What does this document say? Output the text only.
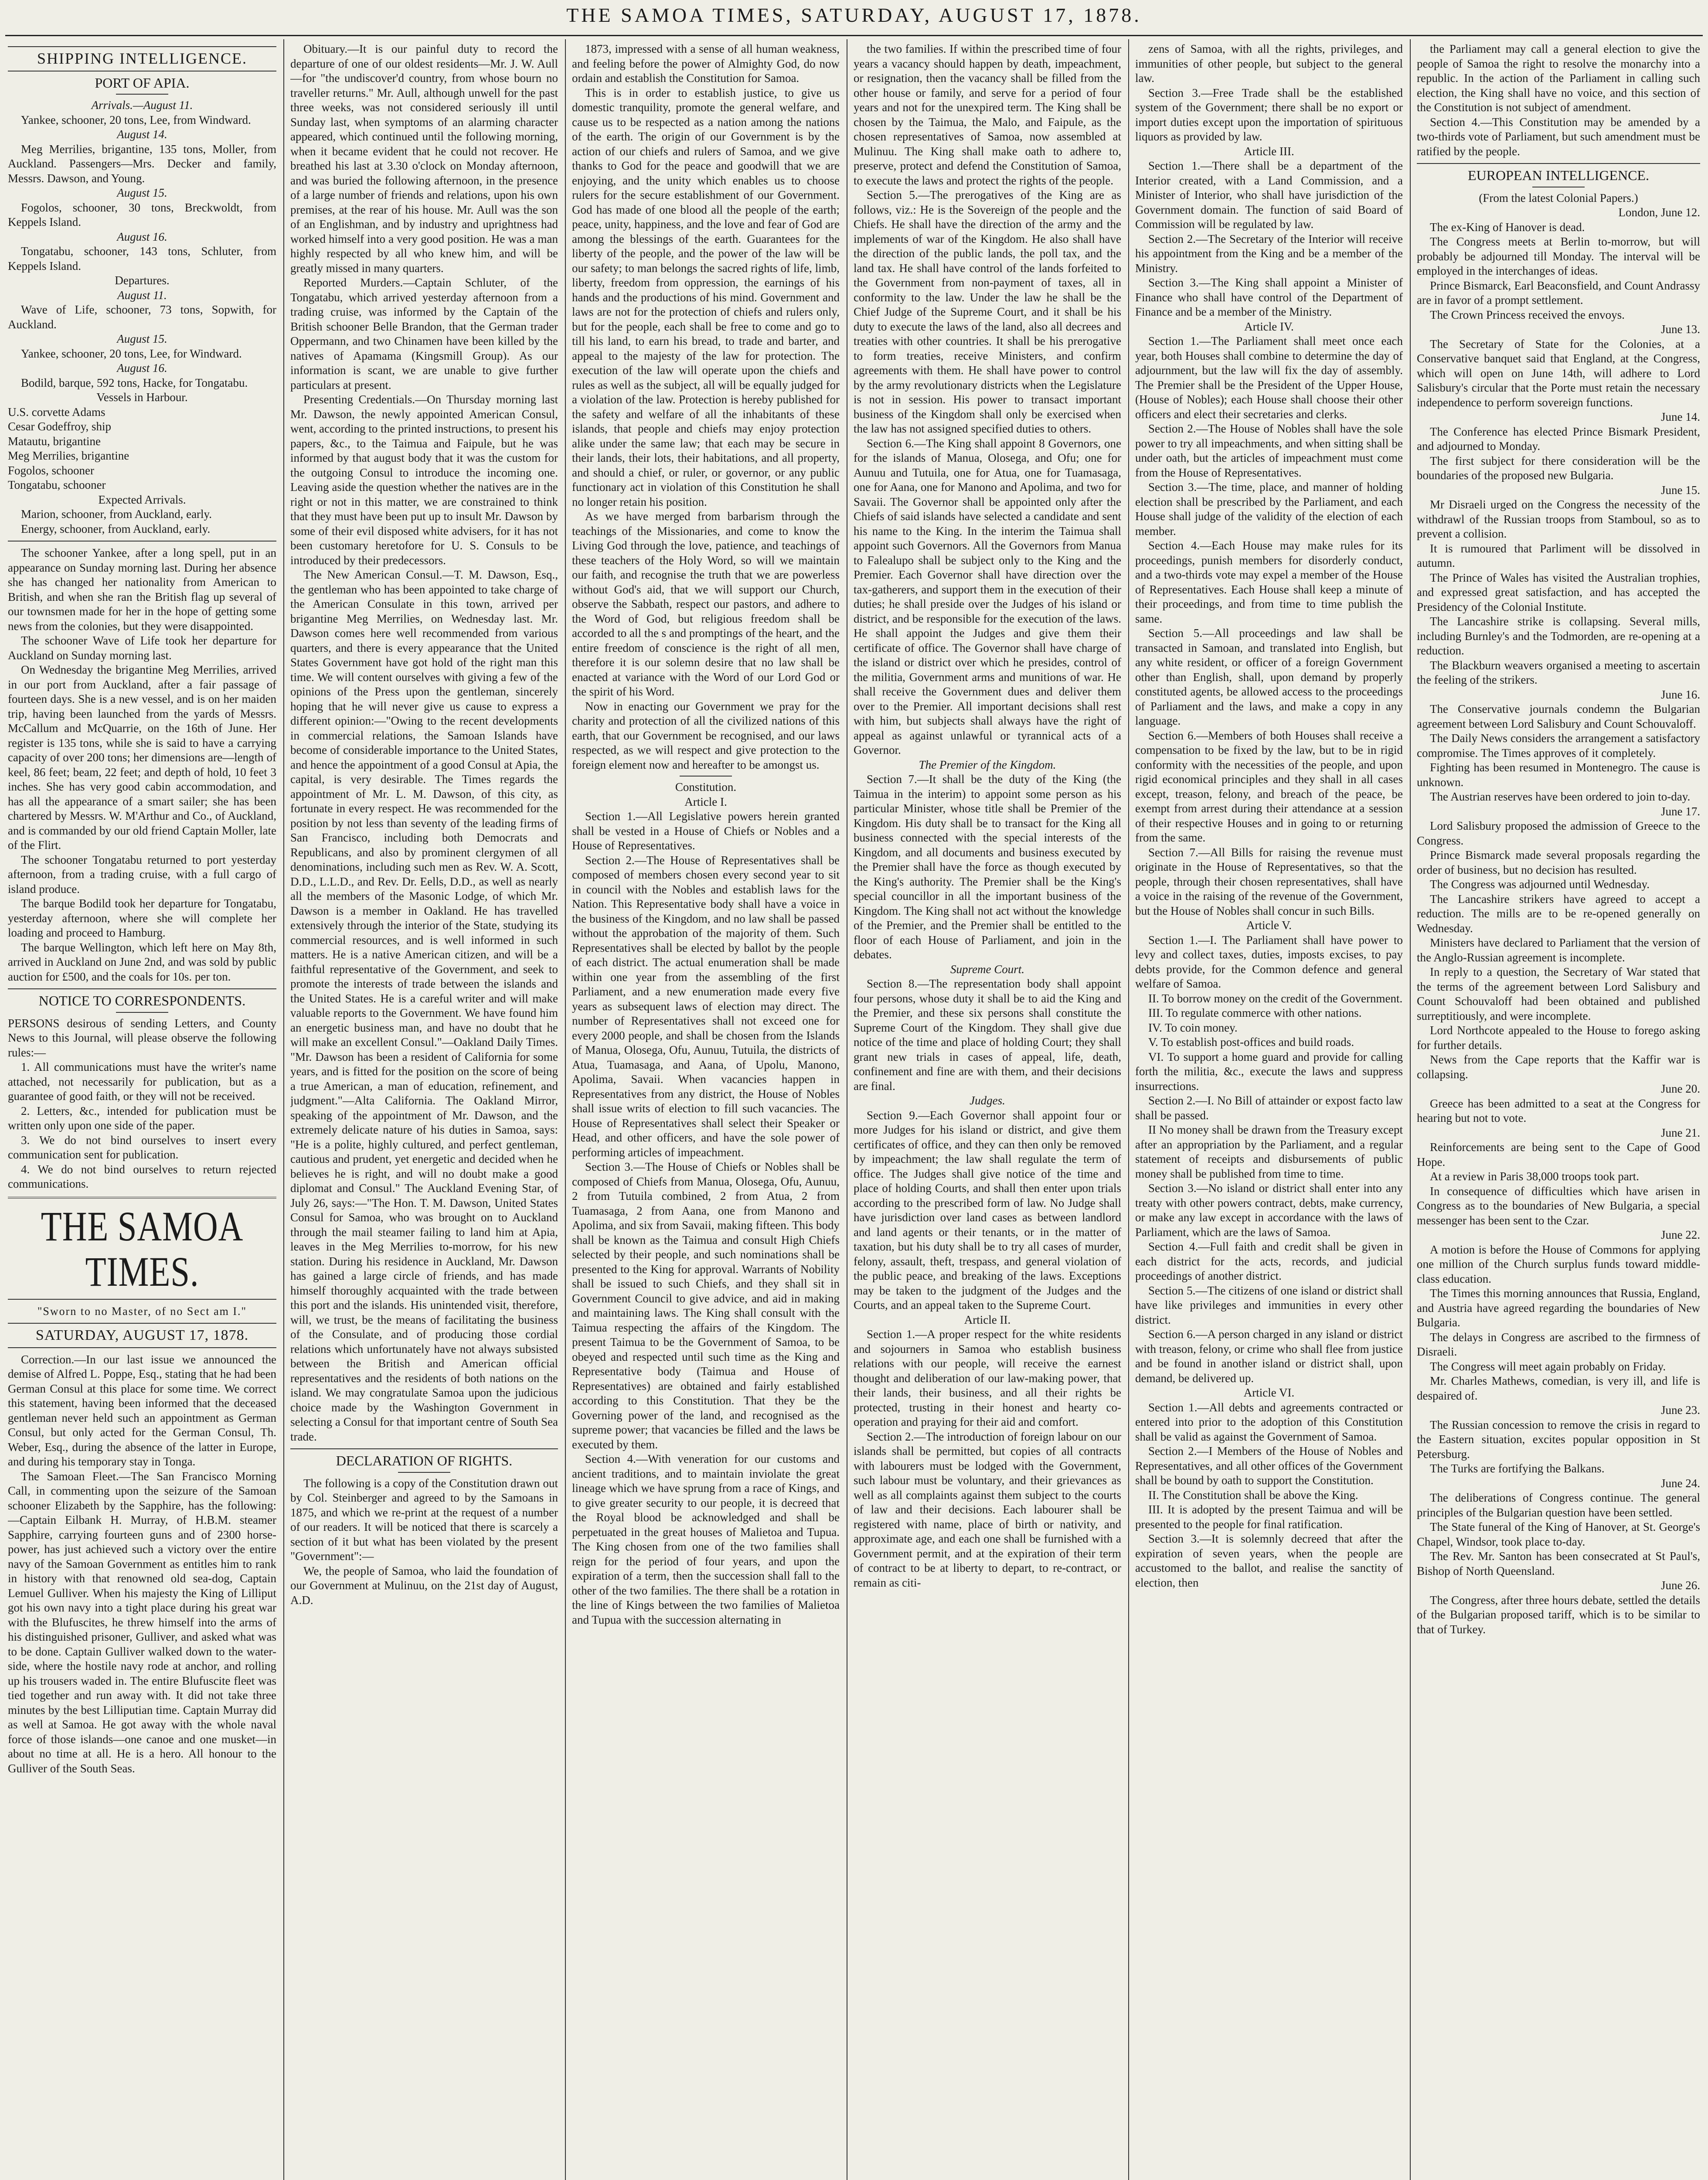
THE SAMOA TIMES, SATURDAY, AUGUST 17, 1878.
SHIPPING INTELLIGENCE.
PORT OF APIA.

Arrivals.—August 11.

Yankee, schooner, 20 tons, Lee, from Windward.

August 14.

Meg Merrilies, brigantine, 135 tons, Moller, from Auckland. Passengers—Mrs. Decker and family, Messrs. Dawson, and Young.

August 15.

Fogolos, schooner, 30 tons, Breckwoldt, from Keppels Island.

August 16.

Tongatabu, schooner, 143 tons, Schluter, from Keppels Island.

Departures.

August 11.

Wave of Life, schooner, 73 tons, Sopwith, for Auckland.

August 15.

Yankee, schooner, 20 tons, Lee, for Windward.

August 16.

Bodild, barque, 592 tons, Hacke, for Tongatabu.

Vessels in Harbour.

U.S. corvette Adams

Cesar Godeffroy, ship

Matautu, brigantine

Meg Merrilies, brigantine

Fogolos, schooner

Tongatabu, schooner

Expected Arrivals.

Marion, schooner, from Auckland, early.

Energy, schooner, from Auckland, early.

The schooner Yankee, after a long spell, put in an appearance on Sunday morning last. During her absence she has changed her nationality from American to British, and when she ran the British flag up several of our townsmen made for her in the hope of getting some news from the colonies, but they were disappointed.

The schooner Wave of Life took her departure for Auckland on Sunday morning last.

On Wednesday the brigantine Meg Merrilies, arrived in our port from Auckland, after a fair passage of fourteen days. She is a new vessel, and is on her maiden trip, having been launched from the yards of Messrs. McCallum and McQuarrie, on the 16th of June. Her register is 135 tons, while she is said to have a carrying capacity of over 200 tons; her dimensions are—length of keel, 86 feet; beam, 22 feet; and depth of hold, 10 feet 3 inches. She has very good cabin accommodation, and has all the appearance of a smart sailer; she has been chartered by Messrs. W. M'Arthur and Co., of Auckland, and is commanded by our old friend Captain Moller, late of the Flirt.

The schooner Tongatabu returned to port yesterday afternoon, from a trading cruise, with a full cargo of island produce.

The barque Bodild took her departure for Tongatabu, yesterday afternoon, where she will complete her loading and proceed to Hamburg.

The barque Wellington, which left here on May 8th, arrived in Auckland on June 2nd, and was sold by public auction for £500, and the coals for 10s. per ton.

NOTICE TO CORRESPONDENTS.

PERSONS desirous of sending Letters, and County News to this Journal, will please observe the following rules:—

1. All communications must have the writer's name attached, not necessarily for publication, but as a guarantee of good faith, or they will not be received.

2. Letters, &c., intended for publication must be written only upon one side of the paper.

3. We do not bind ourselves to insert every communication sent for publication.

4. We do not bind ourselves to return rejected communications.

THE SAMOA TIMES.
"Sworn to no Master, of no Sect am I."
SATURDAY, AUGUST 17, 1878.

Correction.—In our last issue we announced the demise of Alfred L. Poppe, Esq., stating that he had been German Consul at this place for some time. We correct this statement, having been informed that the deceased gentleman never held such an appointment as German Consul, but only acted for the German Consul, Th. Weber, Esq., during the absence of the latter in Europe, and during his temporary stay in Tonga.

The Samoan Fleet.—The San Francisco Morning Call, in commenting upon the seizure of the Samoan schooner Elizabeth by the Sapphire, has the following:—Captain Eilbank H. Murray, of H.B.M. steamer Sapphire, carrying fourteen guns and of 2300 horse-power, has just achieved such a victory over the entire navy of the Samoan Government as entitles him to rank in history with that renowned old sea-dog, Captain Lemuel Gulliver. When his majesty the King of Lilliput got his own navy into a tight place during his great war with the Blufuscites, he threw himself into the arms of his distinguished prisoner, Gulliver, and asked what was to be done. Captain Gulliver walked down to the water-side, where the hostile navy rode at anchor, and rolling up his trousers waded in. The entire Blufuscite fleet was tied together and run away with. It did not take three minutes by the best Lilliputian time. Captain Murray did as well at Samoa. He got away with the whole naval force of those islands—one canoe and one musket—in about no time at all. He is a hero. All honour to the Gulliver of the South Seas.

Obituary.—It is our painful duty to record the departure of one of our oldest residents—Mr. J. W. Aull—for "the undiscover'd country, from whose bourn no traveller returns." Mr. Aull, although unwell for the past three weeks, was not considered seriously ill until Sunday last, when symptoms of an alarming character appeared, which continued until the following morning, when it became evident that he could not recover. He breathed his last at 3.30 o'clock on Monday afternoon, and was buried the following afternoon, in the presence of a large number of friends and relations, upon his own premises, at the rear of his house. Mr. Aull was the son of an Englishman, and by industry and uprightness had worked himself into a very good position. He was a man highly respected by all who knew him, and will be greatly missed in many quarters.

Reported Murders.—Captain Schluter, of the Tongatabu, which arrived yesterday afternoon from a trading cruise, was informed by the Captain of the British schooner Belle Brandon, that the German trader Oppermann, and two Chinamen have been killed by the natives of Apamama (Kingsmill Group). As our information is scant, we are unable to give further particulars at present.

Presenting Credentials.—On Thursday morning last Mr. Dawson, the newly appointed American Consul, went, according to the printed instructions, to present his papers, &c., to the Taimua and Faipule, but he was informed by that august body that it was the custom for the outgoing Consul to introduce the incoming one. Leaving aside the question whether the natives are in the right or not in this matter, we are constrained to think that they must have been put up to insult Mr. Dawson by some of their evil disposed white advisers, for it has not been customary heretofore for U. S. Consuls to be introduced by their predecessors.

The New American Consul.—T. M. Dawson, Esq., the gentleman who has been appointed to take charge of the American Consulate in this town, arrived per brigantine Meg Merrilies, on Wednesday last. Mr. Dawson comes here well recommended from various quarters, and there is every appearance that the United States Government have got hold of the right man this time. We will content ourselves with giving a few of the opinions of the Press upon the gentleman, sincerely hoping that he will never give us cause to express a different opinion:—"Owing to the recent developments in commercial relations, the Samoan Islands have become of considerable importance to the United States, and hence the appointment of a good Consul at Apia, the capital, is very desirable. The Times regards the appointment of Mr. L. M. Dawson, of this city, as fortunate in every respect. He was recommended for the position by not less than seventy of the leading firms of San Francisco, including both Democrats and Republicans, and also by prominent clergymen of all denominations, including such men as Rev. W. A. Scott, D.D., L.L.D., and Rev. Dr. Eells, D.D., as well as nearly all the members of the Masonic Lodge, of which Mr. Dawson is a member in Oakland. He has travelled extensively through the interior of the State, studying its commercial resources, and is well informed in such matters. He is a native American citizen, and will be a faithful representative of the Government, and seek to promote the interests of trade between the islands and the United States. He is a careful writer and will make valuable reports to the Government. We have found him an energetic business man, and have no doubt that he will make an excellent Consul."—Oakland Daily Times. "Mr. Dawson has been a resident of California for some years, and is fitted for the position on the score of being a true American, a man of education, refinement, and judgment."—Alta California. The Oakland Mirror, speaking of the appointment of Mr. Dawson, and the extremely delicate nature of his duties in Samoa, says: "He is a polite, highly cultured, and perfect gentleman, cautious and prudent, yet energetic and decided when he believes he is right, and will no doubt make a good diplomat and Consul." The Auckland Evening Star, of July 26, says:—"The Hon. T. M. Dawson, United States Consul for Samoa, who was brought on to Auckland through the mail steamer failing to land him at Apia, leaves in the Meg Merrilies to-morrow, for his new station. During his residence in Auckland, Mr. Dawson has gained a large circle of friends, and has made himself thoroughly acquainted with the trade between this port and the islands. His unintended visit, therefore, will, we trust, be the means of facilitating the business of the Consulate, and of producing those cordial relations which unfortunately have not always subsisted between the British and American official representatives and the residents of both nations on the island. We may congratulate Samoa upon the judicious choice made by the Washington Government in selecting a Consul for that important centre of South Sea trade.

DECLARATION OF RIGHTS.

The following is a copy of the Constitution drawn out by Col. Steinberger and agreed to by the Samoans in 1875, and which we re-print at the request of a number of our readers. It will be noticed that there is scarcely a section of it but what has been violated by the present "Government":—

We, the people of Samoa, who laid the foundation of our Government at Mulinuu, on the 21st day of August, A.D.

1873, impressed with a sense of all human weakness, and feeling before the power of Almighty God, do now ordain and establish the Constitution for Samoa.

This is in order to establish justice, to give us domestic tranquility, promote the general welfare, and cause us to be respected as a nation among the nations of the earth. The origin of our Government is by the action of our chiefs and rulers of Samoa, and we give thanks to God for the peace and goodwill that we are enjoying, and the unity which enables us to choose rulers for the secure establishment of our Government. God has made of one blood all the people of the earth; peace, unity, happiness, and the love and fear of God are among the blessings of the earth. Guarantees for the liberty of the people, and the power of the law will be our safety; to man belongs the sacred rights of life, limb, liberty, freedom from oppression, the earnings of his hands and the productions of his mind. Government and laws are not for the protection of chiefs and rulers only, but for the people, each shall be free to come and go to till his land, to earn his bread, to trade and barter, and appeal to the majesty of the law for protection. The execution of the law will operate upon the chiefs and rules as well as the subject, all will be equally judged for a violation of the law. Protection is hereby published for the safety and welfare of all the inhabitants of these islands, that people and chiefs may enjoy protection alike under the same law; that each may be secure in their lands, their lots, their habitations, and all property, and should a chief, or ruler, or governor, or any public functionary act in violation of this Constitution he shall no longer retain his position.

As we have merged from barbarism through the teachings of the Missionaries, and come to know the Living God through the love, patience, and teachings of these teachers of the Holy Word, so will we maintain our faith, and recognise the truth that we are powerless without God's aid, that we will support our Church, observe the Sabbath, respect our pastors, and adhere to the Word of God, but religious freedom shall be accorded to all the s and promptings of the heart, and the entire freedom of conscience is the right of all men, therefore it is our solemn desire that no law shall be enacted at variance with the Word of our Lord God or the spirit of his Word.

Now in enacting our Government we pray for the charity and protection of all the civilized nations of this earth, that our Government be recognised, and our laws respected, as we will respect and give protection to the foreign element now and hereafter to be amongst us.

Constitution.

Article I.

Section 1.—All Legislative powers herein granted shall be vested in a House of Chiefs or Nobles and a House of Representatives.

Section 2.—The House of Representatives shall be composed of members chosen every second year to sit in council with the Nobles and establish laws for the Nation. This Representative body shall have a voice in the business of the Kingdom, and no law shall be passed without the approbation of the majority of them. Such Representatives shall be elected by ballot by the people of each district. The actual enumeration shall be made within one year from the assembling of the first Parliament, and a new enumeration made every five years as subsequent laws of election may direct. The number of Representatives shall not exceed one for every 2000 people, and shall be chosen from the Islands of Manua, Olosega, Ofu, Aunuu, Tutuila, the districts of Atua, Tuamasaga, and Aana, of Upolu, Manono, Apolima, Savaii. When vacancies happen in Representatives from any district, the House of Nobles shall issue writs of election to fill such vacancies. The House of Representatives shall select their Speaker or Head, and other officers, and have the sole power of performing articles of impeachment.

Section 3.—The House of Chiefs or Nobles shall be composed of Chiefs from Manua, Olosega, Ofu, Aunuu, 2 from Tutuila combined, 2 from Atua, 2 from Tuamasaga, 2 from Aana, one from Manono and Apolima, and six from Savaii, making fifteen. This body shall be known as the Taimua and consult High Chiefs selected by their people, and such nominations shall be presented to the King for approval. Warrants of Nobility shall be issued to such Chiefs, and they shall sit in Government Council to give advice, and aid in making and maintaining laws. The King shall consult with the Taimua respecting the affairs of the Kingdom. The present Taimua to be the Government of Samoa, to be obeyed and respected until such time as the King and Representative body (Taimua and House of Representatives) are obtained and fairly established according to this Constitution. That they be the Governing power of the land, and recognised as the supreme power; that vacancies be filled and the laws be executed by them.

Section 4.—With veneration for our customs and ancient traditions, and to maintain inviolate the great lineage which we have sprung from a race of Kings, and to give greater security to our people, it is decreed that the Royal blood be acknowledged and shall be perpetuated in the great houses of Malietoa and Tupua. The King chosen from one of the two families shall reign for the period of four years, and upon the expiration of a term, then the succession shall fall to the other of the two families. The there shall be a rotation in the line of Kings between the two families of Malietoa and Tupua with the succession alternating in

the two families. If within the prescribed time of four years a vacancy should happen by death, impeachment, or resignation, then the vacancy shall be filled from the other house or family, and serve for a period of four years and not for the unexpired term. The King shall be chosen by the Taimua, the Malo, and Faipule, as the chosen representatives of Samoa, now assembled at Mulinuu. The King shall make oath to adhere to, preserve, protect and defend the Constitution of Samoa, to execute the laws and protect the rights of the people.

Section 5.—The prerogatives of the King are as follows, viz.: He is the Sovereign of the people and the Chiefs. He shall have the direction of the army and the implements of war of the Kingdom. He also shall have the direction of the public lands, the poll tax, and the land tax. He shall have control of the lands forfeited to the Government from non-payment of taxes, all in conformity to the law. Under the law he shall be the Chief Judge of the Supreme Court, and it shall be his duty to execute the laws of the land, also all decrees and treaties with other countries. It shall be his prerogative to form treaties, receive Ministers, and confirm agreements with them. He shall have power to control by the army revolutionary districts when the Legislature is not in session. His power to transact important business of the Kingdom shall only be exercised when the law has not assigned specified duties to others.

Section 6.—The King shall appoint 8 Governors, one for the islands of Manua, Olosega, and Ofu; one for Aunuu and Tutuila, one for Atua, one for Tuamasaga, one for Aana, one for Manono and Apolima, and two for Savaii. The Governor shall be appointed only after the Chiefs of said islands have selected a candidate and sent his name to the King. In the interim the Taimua shall appoint such Governors. All the Governors from Manua to Falealupo shall be subject only to the King and the Premier. Each Governor shall have direction over the tax-gatherers, and support them in the execution of their duties; he shall preside over the Judges of his island or district, and be responsible for the execution of the laws. He shall appoint the Judges and give them their certificate of office. The Governor shall have charge of the island or district over which he presides, control of the militia, Government arms and munitions of war. He shall receive the Government dues and deliver them over to the Premier. All important decisions shall rest with him, but subjects shall always have the right of appeal as against unlawful or tyrannical acts of a Governor.

The Premier of the Kingdom.

Section 7.—It shall be the duty of the King (the Taimua in the interim) to appoint some person as his particular Minister, whose title shall be Premier of the Kingdom. His duty shall be to transact for the King all business connected with the special interests of the Kingdom, and all documents and business executed by the Premier shall have the force as though executed by the King's authority. The Premier shall be the King's special councillor in all the important business of the Kingdom. The King shall not act without the knowledge of the Premier, and the Premier shall be entitled to the floor of each House of Parliament, and join in the debates.

Supreme Court.

Section 8.—The representation body shall appoint four persons, whose duty it shall be to aid the King and the Premier, and these six persons shall constitute the Supreme Court of the Kingdom. They shall give due notice of the time and place of holding Court; they shall grant new trials in cases of appeal, life, death, confinement and fine are with them, and their decisions are final.

Judges.

Section 9.—Each Governor shall appoint four or more Judges for his island or district, and give them certificates of office, and they can then only be removed by impeachment; the law shall regulate the term of office. The Judges shall give notice of the time and place of holding Courts, and shall then enter upon trials according to the prescribed form of law. No Judge shall have jurisdiction over land cases as between landlord and land agents or their tenants, or in the matter of taxation, but his duty shall be to try all cases of murder, felony, assault, theft, trespass, and general violation of the public peace, and breaking of the laws. Exceptions may be taken to the judgment of the Judges and the Courts, and an appeal taken to the Supreme Court.

Article II.

Section 1.—A proper respect for the white residents and sojourners in Samoa who establish business relations with our people, will receive the earnest thought and deliberation of our law-making power, that their lands, their business, and all their rights be protected, trusting in their honest and hearty co-operation and praying for their aid and comfort.

Section 2.—The introduction of foreign labour on our islands shall be permitted, but copies of all contracts with labourers must be lodged with the Government, such labour must be voluntary, and their grievances as well as all complaints against them subject to the courts of law and their decisions. Each labourer shall be registered with name, place of birth or nativity, and approximate age, and each one shall be furnished with a Government permit, and at the expiration of their term of contract to be at liberty to depart, to re-contract, or remain as citi-

zens of Samoa, with all the rights, privileges, and immunities of other people, but subject to the general law.

Section 3.—Free Trade shall be the established system of the Government; there shall be no export or import duties except upon the importation of spirituous liquors as provided by law.

Article III.

Section 1.—There shall be a department of the Interior created, with a Land Commission, and a Minister of Interior, who shall have jurisdiction of the Government domain. The function of said Board of Commission will be regulated by law.

Section 2.—The Secretary of the Interior will receive his appointment from the King and be a member of the Ministry.

Section 3.—The King shall appoint a Minister of Finance who shall have control of the Department of Finance and be a member of the Ministry.

Article IV.

Section 1.—The Parliament shall meet once each year, both Houses shall combine to determine the day of adjournment, but the law will fix the day of assembly. The Premier shall be the President of the Upper House, (House of Nobles); each House shall choose their other officers and elect their secretaries and clerks.

Section 2.—The House of Nobles shall have the sole power to try all impeachments, and when sitting shall be under oath, but the articles of impeachment must come from the House of Representatives.

Section 3.—The time, place, and manner of holding election shall be prescribed by the Parliament, and each House shall judge of the validity of the election of each member.

Section 4.—Each House may make rules for its proceedings, punish members for disorderly conduct, and a two-thirds vote may expel a member of the House of Representatives. Each House shall keep a minute of their proceedings, and from time to time publish the same.

Section 5.—All proceedings and law shall be transacted in Samoan, and translated into English, but any white resident, or officer of a foreign Government other than English, shall, upon demand by properly constituted agents, be allowed access to the proceedings of Parliament and the laws, and make a copy in any language.

Section 6.—Members of both Houses shall receive a compensation to be fixed by the law, but to be in rigid conformity with the necessities of the people, and upon rigid economical principles and they shall in all cases except, treason, felony, and breach of the peace, be exempt from arrest during their attendance at a session of their respective Houses and in going to or returning from the same.

Section 7.—All Bills for raising the revenue must originate in the House of Representatives, so that the people, through their chosen representatives, shall have a voice in the raising of the revenue of the Government, but the House of Nobles shall concur in such Bills.

Article V.

Section 1.—I. The Parliament shall have power to levy and collect taxes, duties, imposts excises, to pay debts provide, for the Common defence and general welfare of Samoa.

II. To borrow money on the credit of the Government.

III. To regulate commerce with other nations.

IV. To coin money.

V. To establish post-offices and build roads.

VI. To support a home guard and provide for calling forth the militia, &c., execute the laws and suppress insurrections.

Section 2.—I. No Bill of attainder or expost facto law shall be passed.

II No money shall be drawn from the Treasury except after an appropriation by the Parliament, and a regular statement of receipts and disbursements of public money shall be published from time to time.

Section 3.—No island or district shall enter into any treaty with other powers contract, debts, make currency, or make any law except in accordance with the laws of Parliament, which are the laws of Samoa.

Section 4.—Full faith and credit shall be given in each district for the acts, records, and judicial proceedings of another district.

Section 5.—The citizens of one island or district shall have like privileges and immunities in every other district.

Section 6.—A person charged in any island or district with treason, felony, or crime who shall flee from justice and be found in another island or district shall, upon demand, be delivered up.

Article VI.

Section 1.—All debts and agreements contracted or entered into prior to the adoption of this Constitution shall be valid as against the Government of Samoa.

Section 2.—I Members of the House of Nobles and Representatives, and all other offices of the Government shall be bound by oath to support the Constitution.

II. The Constitution shall be above the King.

III. It is adopted by the present Taimua and will be presented to the people for final ratification.

Section 3.—It is solemnly decreed that after the expiration of seven years, when the people are accustomed to the ballot, and realise the sanctity of election, then

the Parliament may call a general election to give the people of Samoa the right to resolve the monarchy into a republic. In the action of the Parliament in calling such election, the King shall have no voice, and this section of the Constitution is not subject of amendment.

Section 4.—This Constitution may be amended by a two-thirds vote of Parliament, but such amendment must be ratified by the people.

EUROPEAN INTELLIGENCE.

(From the latest Colonial Papers.)

London, June 12.

The ex-King of Hanover is dead.

The Congress meets at Berlin to-morrow, but will probably be adjourned till Monday. The interval will be employed in the interchanges of ideas.

Prince Bismarck, Earl Beaconsfield, and Count Andrassy are in favor of a prompt settlement.

The Crown Princess received the envoys.

June 13.

The Secretary of State for the Colonies, at a Conservative banquet said that England, at the Congress, which will open on June 14th, will adhere to Lord Salisbury's circular that the Porte must retain the necessary independence to perform sovereign functions.

June 14.

The Conference has elected Prince Bismark President, and adjourned to Monday.

The first subject for there consideration will be the boundaries of the proposed new Bulgaria.

June 15.

Mr Disraeli urged on the Congress the necessity of the withdrawl of the Russian troops from Stamboul, so as to prevent a collision.

It is rumoured that Parliment will be dissolved in autumn.

The Prince of Wales has visited the Australian trophies, and expressed great satisfaction, and has accepted the Presidency of the Colonial Institute.

The Lancashire strike is collapsing. Several mills, including Burnley's and the Todmorden, are re-opening at a reduction.

The Blackburn weavers organised a meeting to ascertain the feeling of the strikers.

June 16.

The Conservative journals condemn the Bulgarian agreement between Lord Salisbury and Count Schouvaloff.

The Daily News considers the arrangement a satisfactory compromise. The Times approves of it completely.

Fighting has been resumed in Montenegro. The cause is unknown.

The Austrian reserves have been ordered to join to-day.

June 17.

Lord Salisbury proposed the admission of Greece to the Congress.

Prince Bismarck made several proposals regarding the order of business, but no decision has resulted.

The Congress was adjourned until Wednesday.

The Lancashire strikers have agreed to accept a reduction. The mills are to be re-opened generally on Wednesday.

Ministers have declared to Parliament that the version of the Anglo-Russian agreement is incomplete.

In reply to a question, the Secretary of War stated that the terms of the agreement between Lord Salisbury and Count Schouvaloff had been obtained and published surreptitiously, and were incomplete.

Lord Northcote appealed to the House to forego asking for further details.

News from the Cape reports that the Kaffir war is collapsing.

June 20.

Greece has been admitted to a seat at the Congress for hearing but not to vote.

June 21.

Reinforcements are being sent to the Cape of Good Hope.

At a review in Paris 38,000 troops took part.

In consequence of difficulties which have arisen in Congress as to the boundaries of New Bulgaria, a special messenger has been sent to the Czar.

June 22.

A motion is before the House of Commons for applying one million of the Church surplus funds toward middle-class education.

The Times this morning announces that Russia, England, and Austria have agreed regarding the boundaries of New Bulgaria.

The delays in Congress are ascribed to the firmness of Disraeli.

The Congress will meet again probably on Friday.

Mr. Charles Mathews, comedian, is very ill, and life is despaired of.

June 23.

The Russian concession to remove the crisis in regard to the Eastern situation, excites popular opposition in St Petersburg.

The Turks are fortifying the Balkans.

June 24.

The deliberations of Congress continue. The general principles of the Bulgarian question have been settled.

The State funeral of the King of Hanover, at St. George's Chapel, Windsor, took place to-day.

The Rev. Mr. Santon has been consecrated at St Paul's, Bishop of North Queensland.

June 26.

The Congress, after three hours debate, settled the details of the Bulgarian proposed tariff, which is to be similar to that of Turkey.
